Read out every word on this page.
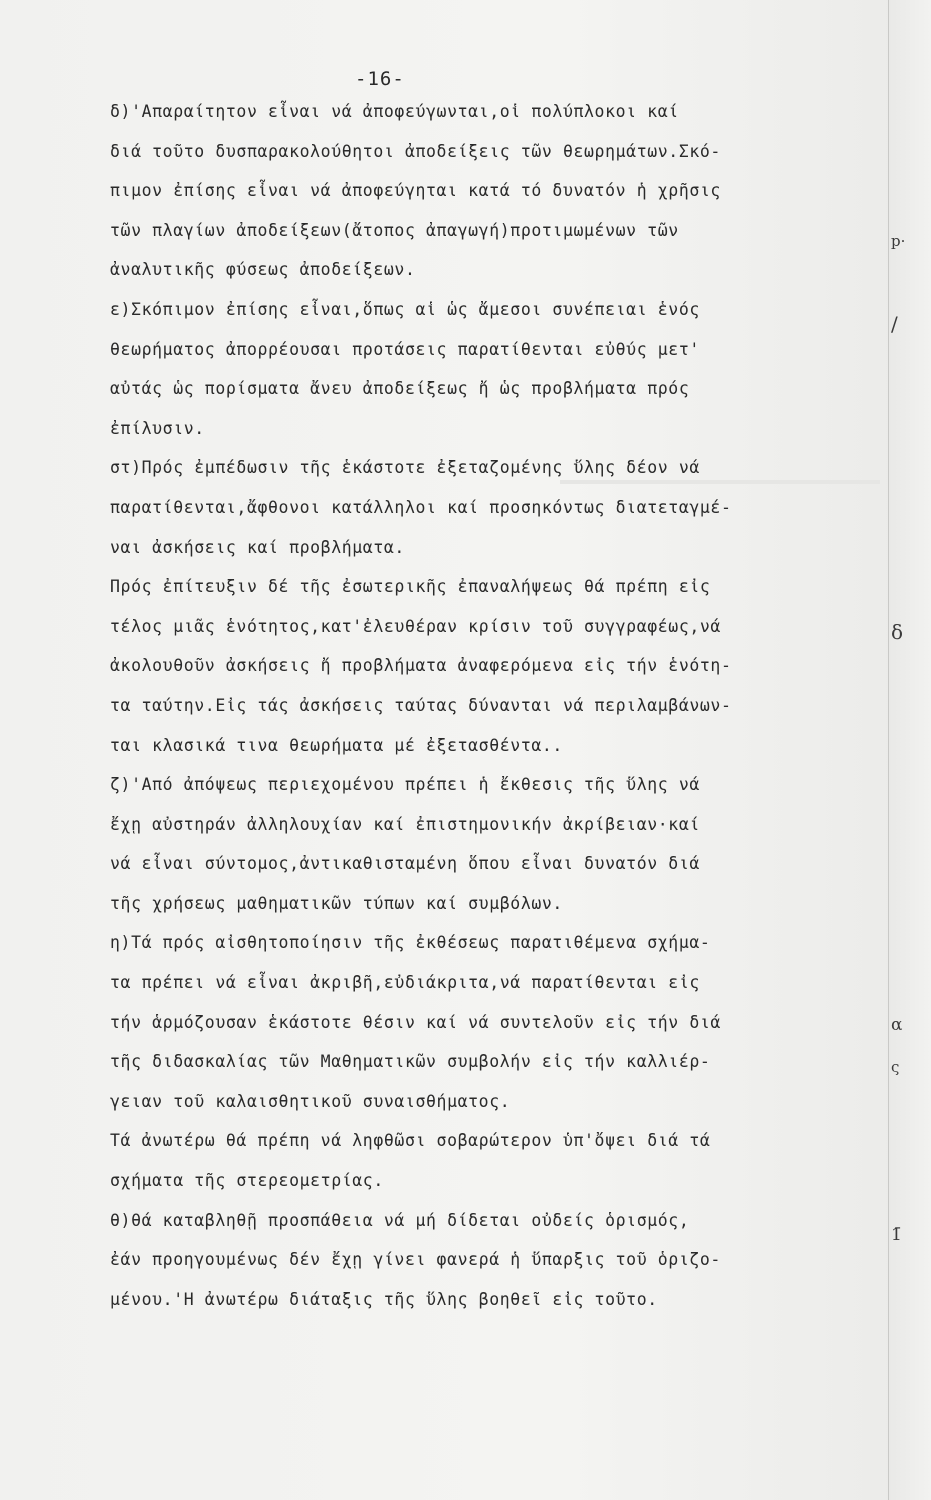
-16-
δ)'Απαραίτητον εἶναι νά ἀποφεύγωνται,οἱ πολύπλοκοι καί
διά τοῦτο δυσπαρακολούθητοι ἀποδείξεις τῶν θεωρημάτων.Σκό-
πιμον ἐπίσης εἶναι νά ἀποφεύγηται κατά τό δυνατόν ἡ χρῆσις
τῶν πλαγίων ἀποδείξεων(ἄτοπος ἀπαγωγή)προτιμωμένων τῶν
ἀναλυτικῆς φύσεως ἀποδείξεων.
ε)Σκόπιμον ἐπίσης εἶναι,ὅπως αἱ ὡς ἄμεσοι συνέπειαι ἑνός
θεωρήματος ἀπορρέουσαι προτάσεις παρατίθενται εὐθύς μετ'
αὐτάς ὡς πορίσματα ἄνευ ἀποδείξεως ἤ ὡς προβλήματα πρός
ἐπίλυσιν.
στ)Πρός ἐμπέδωσιν τῆς ἑκάστοτε ἐξεταζομένης ὕλης δέον νά
παρατίθενται,ἄφθονοι κατάλληλοι καί προσηκόντως διατεταγμέ-
ναι ἀσκήσεις καί προβλήματα.
Πρός ἐπίτευξιν δέ τῆς ἐσωτερικῆς ἐπαναλήψεως θά πρέπη εἰς
τέλος μιᾶς ἑνότητος,κατ'ἐλευθέραν κρίσιν τοῦ συγγραφέως,νά
ἀκολουθοῦν ἀσκήσεις ἤ προβλήματα ἀναφερόμενα εἰς τήν ἑνότη-
τα ταύτην.Εἰς τάς ἀσκήσεις ταύτας δύνανται νά περιλαμβάνων-
ται κλασικά τινα θεωρήματα μέ ἐξετασθέντα..
ζ)'Από ἀπόψεως περιεχομένου πρέπει ἡ ἔκθεσις τῆς ὕλης νά
ἔχῃ αὐστηράν ἀλληλουχίαν καί ἐπιστημονικήν ἀκρίβειαν·καί
νά εἶναι σύντομος,ἀντικαθισταμένη ὅπου εἶναι δυνατόν διά
τῆς χρήσεως μαθηματικῶν τύπων καί συμβόλων.
η)Τά πρός αἰσθητοποίησιν τῆς ἐκθέσεως παρατιθέμενα σχήμα-
τα πρέπει νά εἶναι ἀκριβῆ,εὐδιάκριτα,νά παρατίθενται εἰς
τήν ἁρμόζουσαν ἑκάστοτε θέσιν καί νά συντελοῦν εἰς τήν διά
τῆς διδασκαλίας τῶν Μαθηματικῶν συμβολήν εἰς τήν καλλιέρ-
γειαν τοῦ καλαισθητικοῦ συναισθήματος.
Τά ἀνωτέρω θά πρέπη νά ληφθῶσι σοβαρώτερον ὑπ'ὄψει διά τά
σχήματα τῆς στερεομετρίας.
θ)θά καταβληθῇ προσπάθεια νά μή δίδεται οὐδείς ὁρισμός,
ἐάν προηγουμένως δέν ἔχῃ γίνει φανερά ἡ ὕπαρξις τοῦ ὁριζο-
μένου.'Η ἀνωτέρω διάταξις τῆς ὕλης βοηθεῖ εἰς τοῦτο.
p·
/
δ
α
ς
1̄
